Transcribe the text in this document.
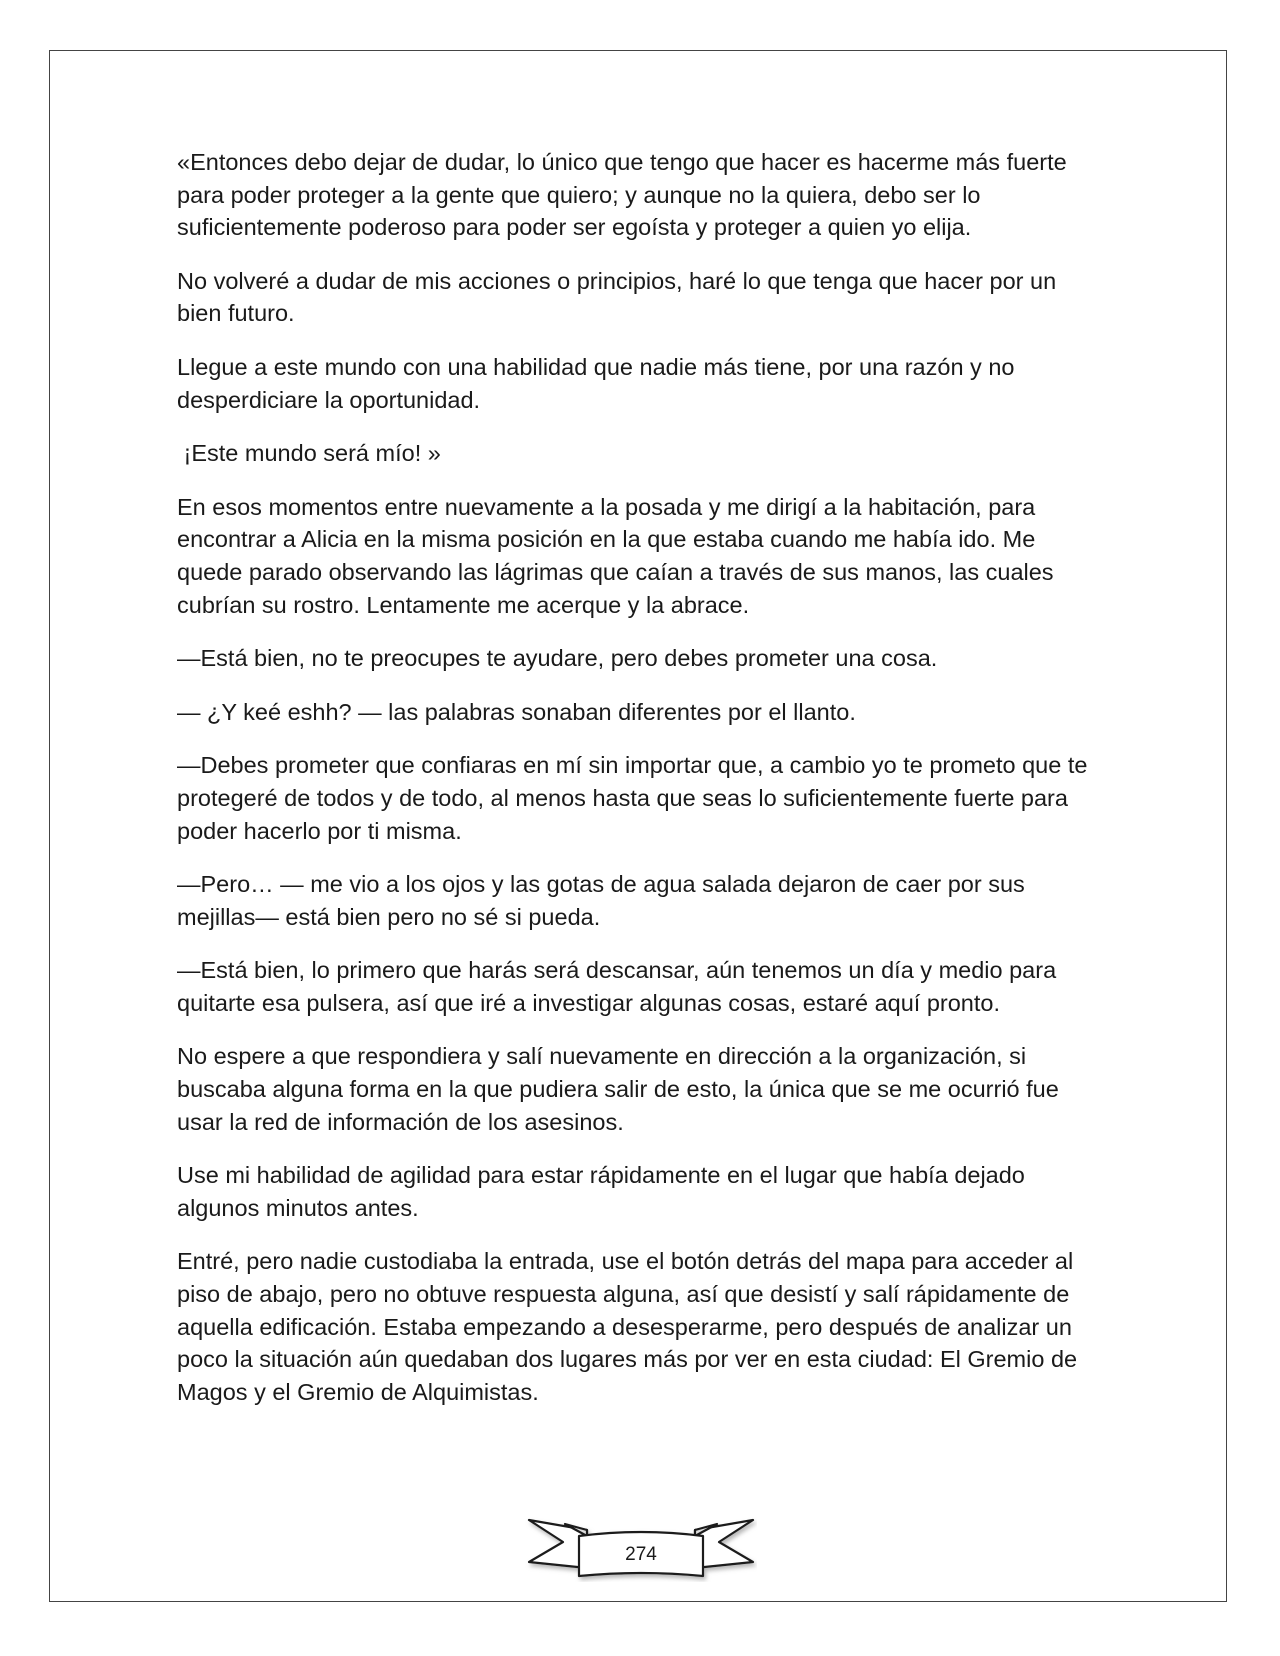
«Entonces debo dejar de dudar, lo único que tengo que hacer es hacerme más fuerte para poder proteger a la gente que quiero; y aunque no la quiera, debo ser lo suficientemente poderoso para poder ser egoísta y proteger a quien yo elija.

No volveré a dudar de mis acciones o principios, haré lo que tenga que hacer por un bien futuro.

Llegue a este mundo con una habilidad que nadie más tiene, por una razón y no desperdiciare la oportunidad.

¡Este mundo será mío! »

En esos momentos entre nuevamente a la posada y me dirigí a la habitación, para encontrar a Alicia en la misma posición en la que estaba cuando me había ido. Me quede parado observando las lágrimas que caían a través de sus manos, las cuales cubrían su rostro. Lentamente me acerque y la abrace.

—Está bien, no te preocupes te ayudare, pero debes prometer una cosa.

— ¿Y keé eshh? — las palabras sonaban diferentes por el llanto.

—Debes prometer que confiaras en mí sin importar que, a cambio yo te prometo que te protegeré de todos y de todo, al menos hasta que seas lo suficientemente fuerte para poder hacerlo por ti misma.

—Pero… — me vio a los ojos y las gotas de agua salada dejaron de caer por sus mejillas— está bien pero no sé si pueda.

—Está bien, lo primero que harás será descansar, aún tenemos un día y medio para quitarte esa pulsera, así que iré a investigar algunas cosas, estaré aquí pronto.

No espere a que respondiera y salí nuevamente en dirección a la organización, si buscaba alguna forma en la que pudiera salir de esto, la única que se me ocurrió fue usar la red de información de los asesinos.

Use mi habilidad de agilidad para estar rápidamente en el lugar que había dejado algunos minutos antes.

Entré, pero nadie custodiaba la entrada, use el botón detrás del mapa para acceder al piso de abajo, pero no obtuve respuesta alguna, así que desistí y salí rápidamente de aquella edificación. Estaba empezando a desesperarme, pero después de analizar un poco la situación aún quedaban dos lugares más por ver en esta ciudad: El Gremio de Magos y el Gremio de Alquimistas.

274
